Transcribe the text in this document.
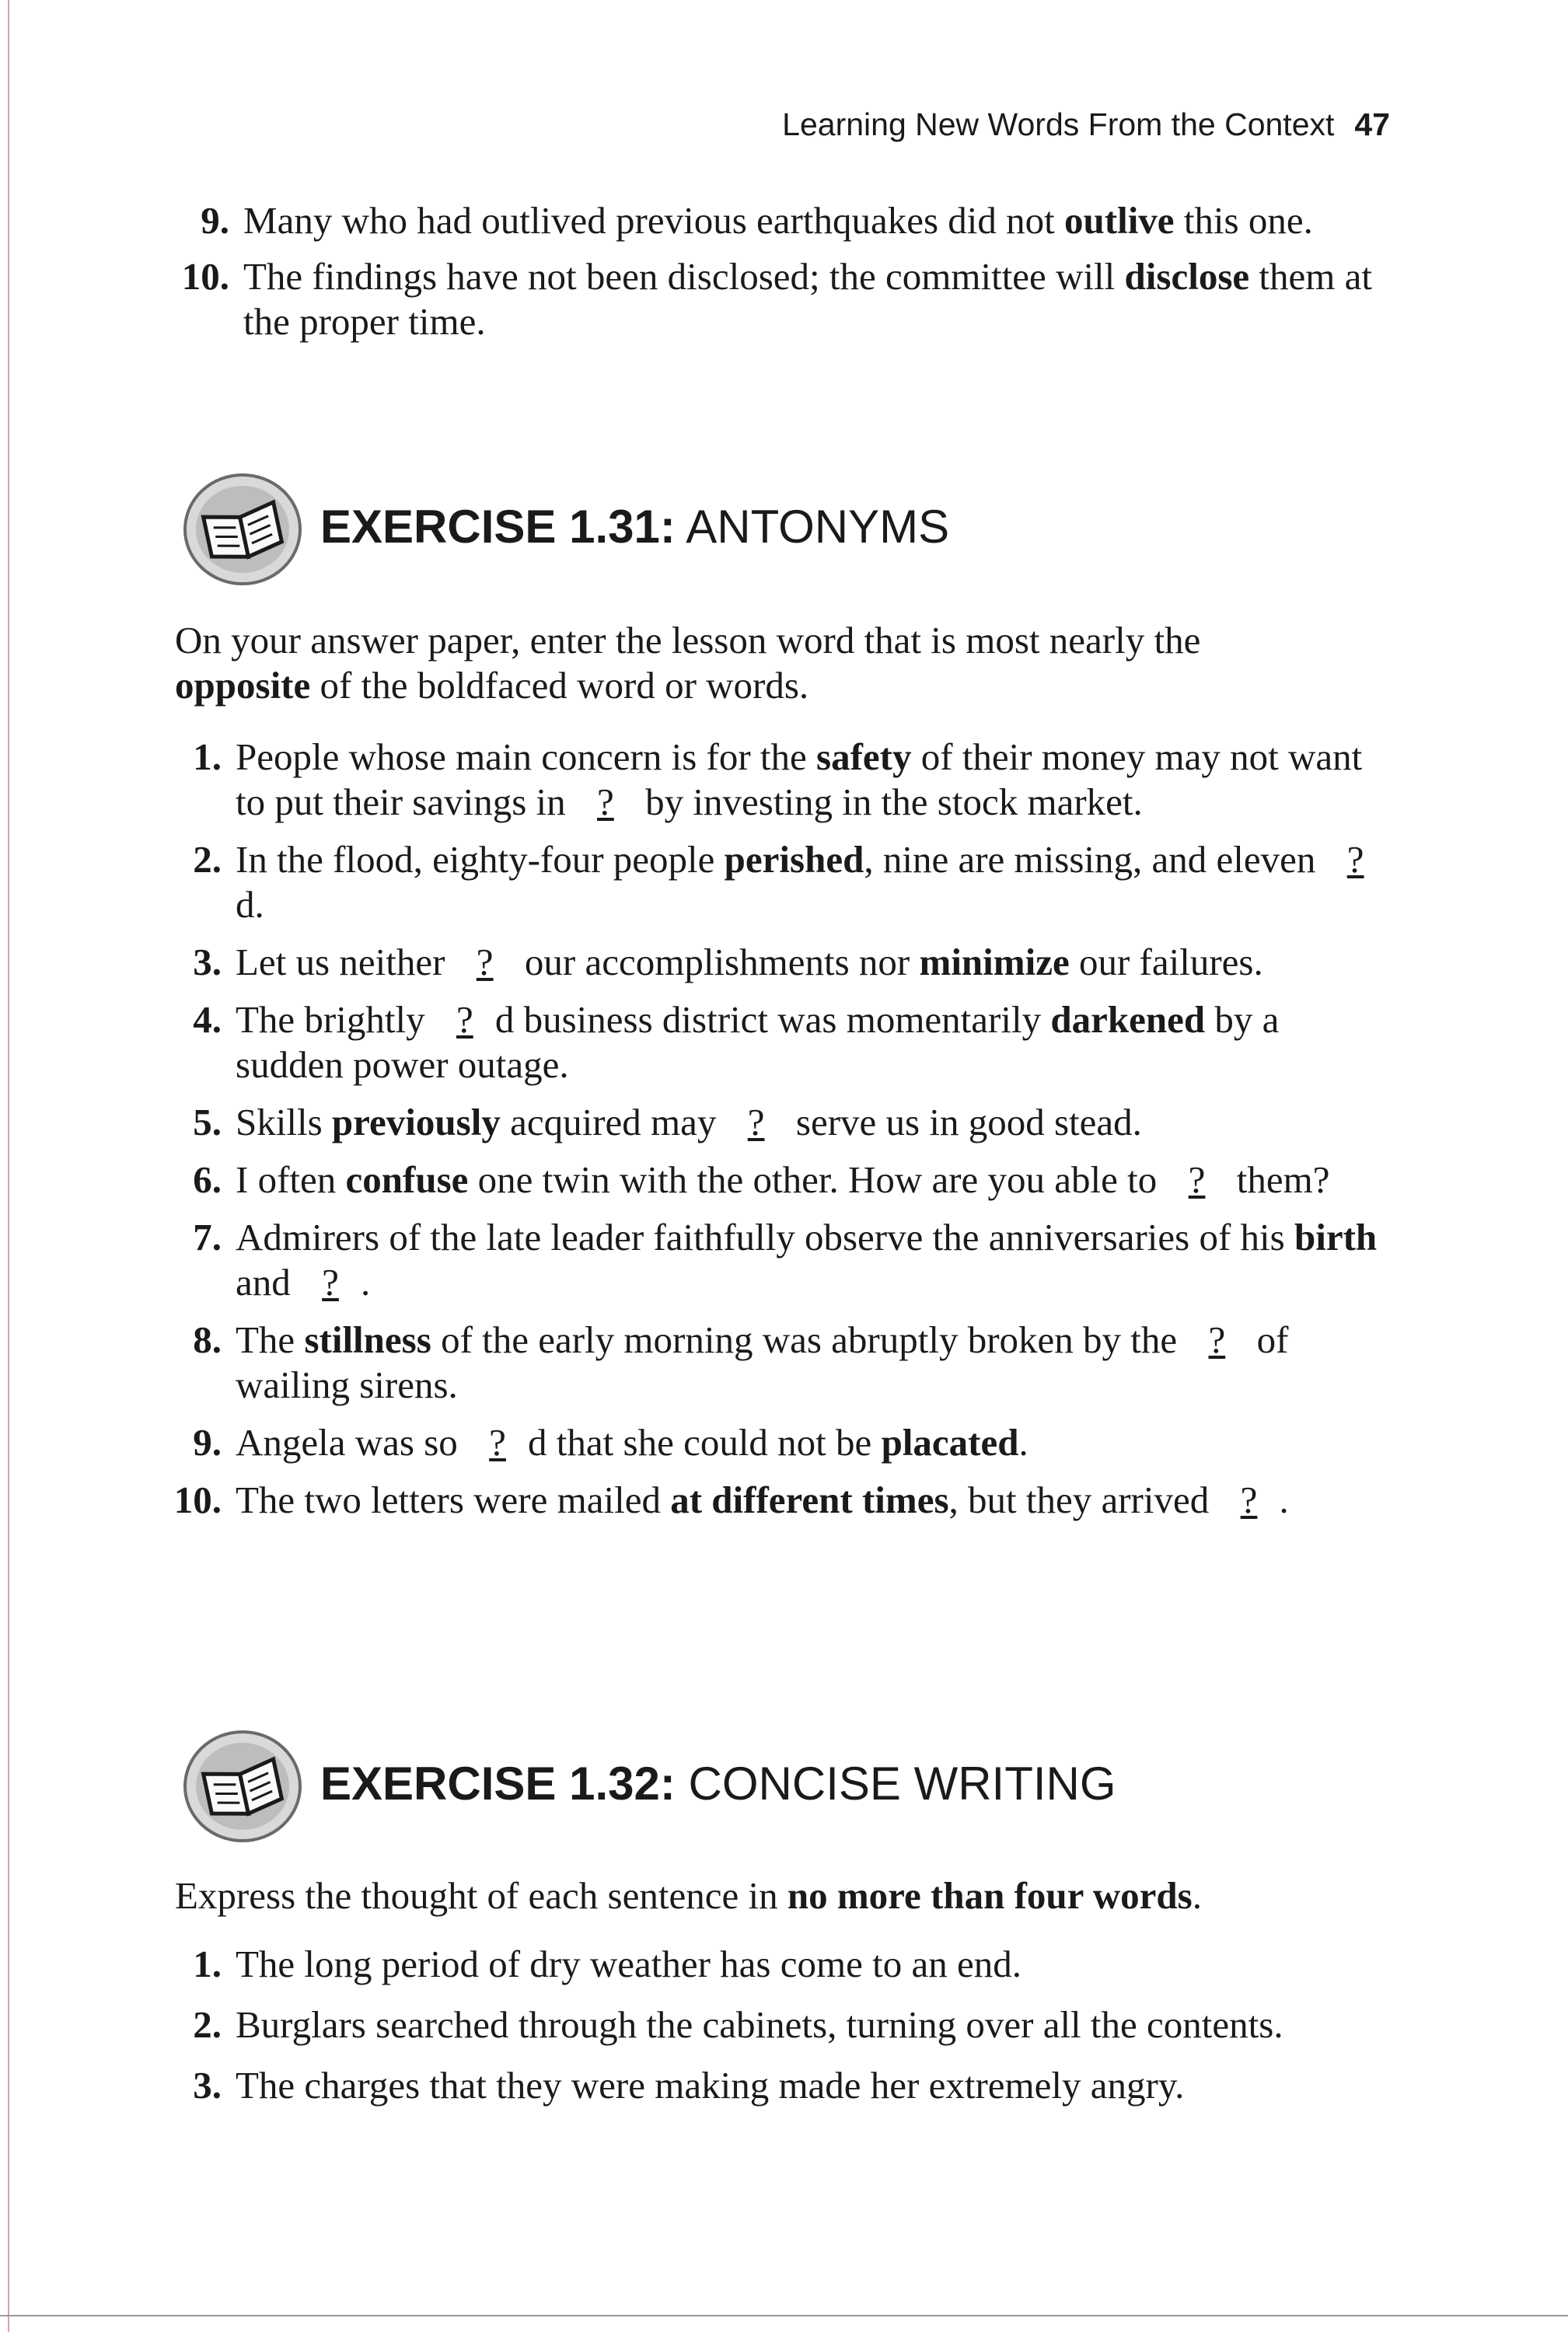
Learning New Words From the Context 47
9. Many who had outlived previous earthquakes did not outlive this one.
10. The findings have not been disclosed; the committee will disclose them at the proper time.
EXERCISE 1.31: ANTONYMS

On your answer paper, enter the lesson word that is most nearly the
opposite of the boldfaced word or words.

1. People whose main concern is for the safety of their money may not want to put their savings in ? by investing in the stock market.
2. In the flood, eighty-four people perished, nine are missing, and eleven ?d.
3. Let us neither ? our accomplishments nor minimize our failures.
4. The brightly ? d business district was momentarily darkened by a sudden power outage.
5. Skills previously acquired may ? serve us in good stead.
6. I often confuse one twin with the other. How are you able to ? them?
7. Admirers of the late leader faithfully observe the anniversaries of his birth and ? .
8. The stillness of the early morning was abruptly broken by the ? of wailing sirens.
9. Angela was so ? d that she could not be placated.
10. The two letters were mailed at different times, but they arrived ? .
EXERCISE 1.32: CONCISE WRITING

Express the thought of each sentence in no more than four words.

1. The long period of dry weather has come to an end.
2. Burglars searched through the cabinets, turning over all the contents.
3. The charges that they were making made her extremely angry.
